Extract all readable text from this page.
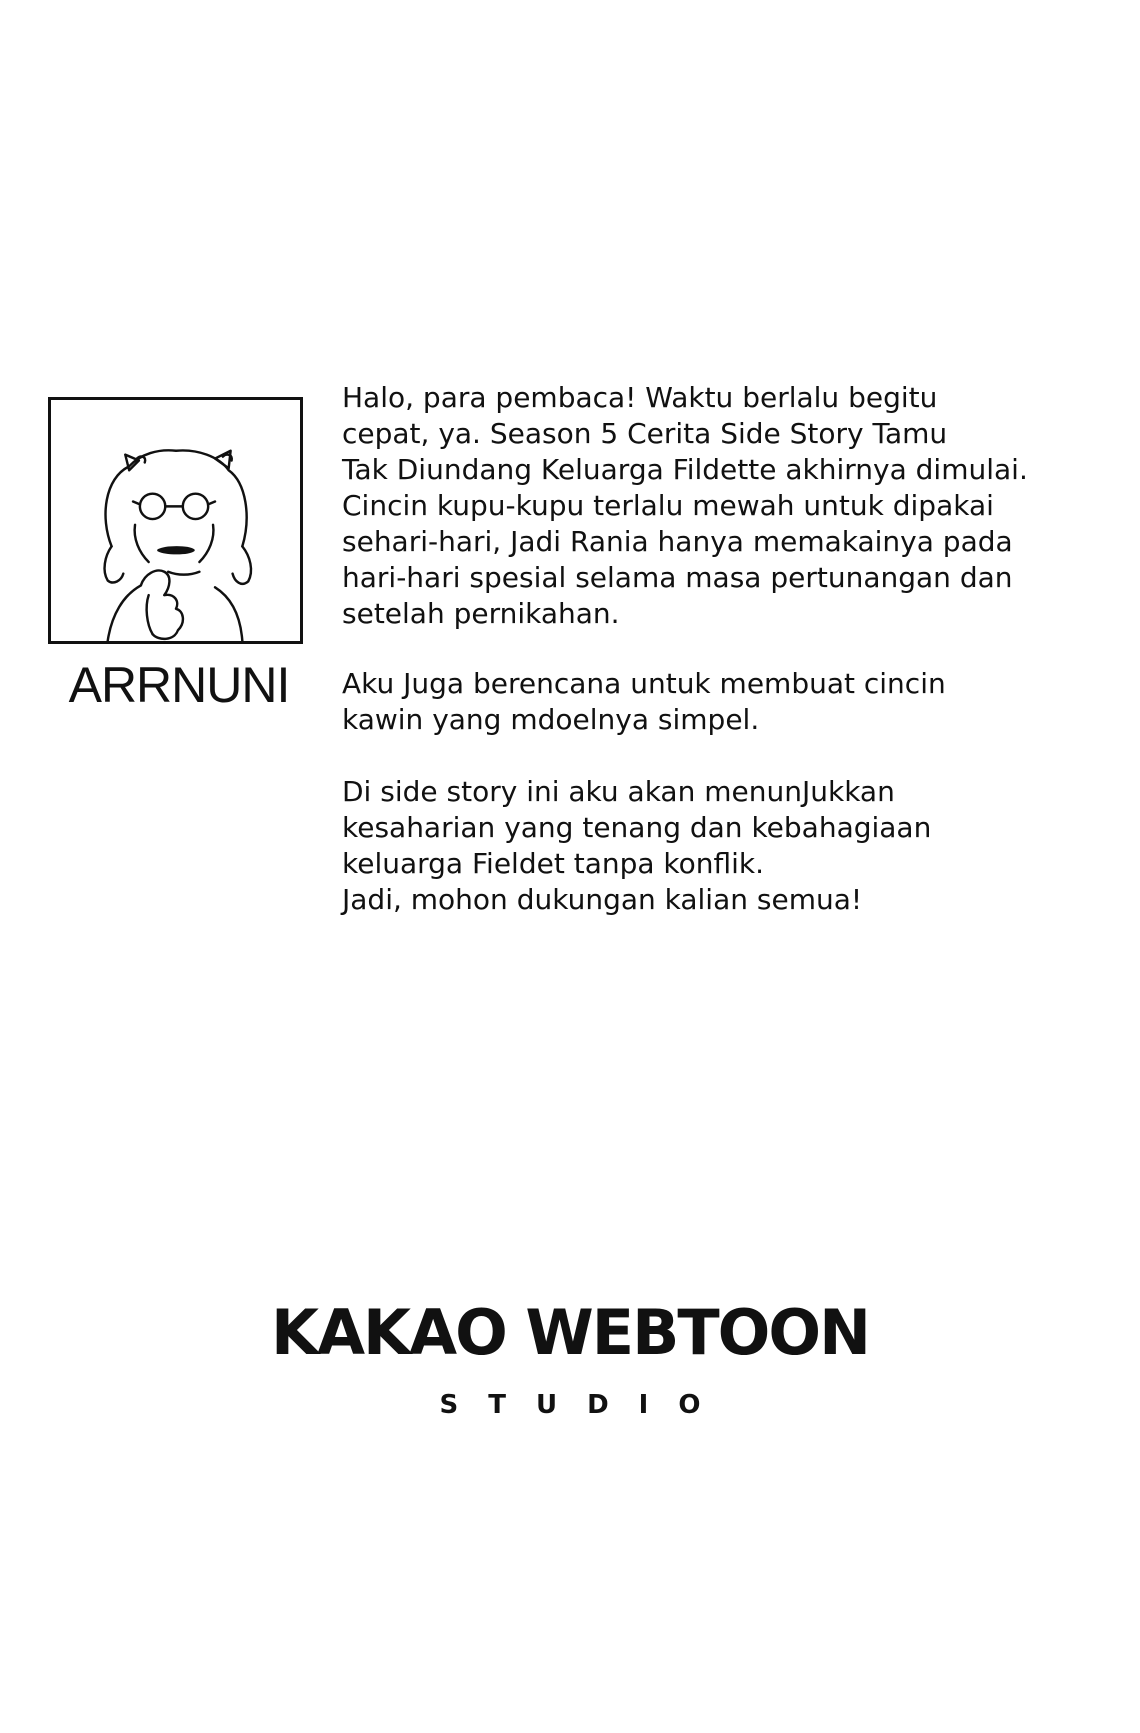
ARRNUNI

Halo, para pembaca! Waktu berlalu begitu
cepat, ya. Season 5 Cerita Side Story Tamu
Tak Diundang Keluarga Fildette akhirnya dimulai.
Cincin kupu-kupu terlalu mewah untuk dipakai
sehari-hari, Jadi Rania hanya memakainya pada
hari-hari spesial selama masa pertunangan dan
setelah pernikahan.

Aku Juga berencana untuk membuat cincin
kawin yang mdoelnya simpel.

Di side story ini aku akan menunJukkan
kesaharian yang tenang dan kebahagiaan
keluarga Fieldet tanpa konflik.
Jadi, mohon dukungan kalian semua!

KAKAO WEBTOON
STUDIO
